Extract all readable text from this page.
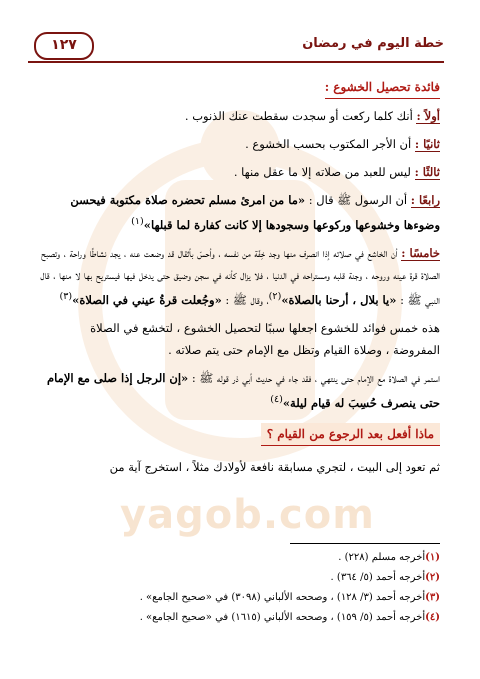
yagob.com
خطة اليوم في رمضان
١٢٧

فائدة تحصيل الخشوع :

أولاً : أنك كلما ركعت أو سجدت سقطت عنك الذنوب .

ثانيًا : أن الأجر المكتوب بحسب الخشوع .

ثالثًا : ليس للعبد من صلاته إلا ما عقل منها .

رابعًا : أن الرسول ﷺ قال : «ما من امرئ مسلم تحضره صلاة مكتوبة فيحسن وضوءها وخشوعها وركوعها وسجودها إلا كانت كفارة لما قبلها»$^{(١)}$

خامسًا : أن الخاشع في صلاته إذا انصرف منها وجد خِفّة من نفسه ، وأحسّ بأثقال قد وضعت عنه ، يجد نشاطًا وراحة ، وتصبح الصلاة قرة عينه وروحه ، وجنة قلبه ومستراحه في الدنيا ، فلا يزال كأنه في سجن وضيق حتى يدخل فيها فيستريح بها لا منها ، قال النبي ﷺ : «يا بلال ، أرحنا بالصلاة»$^{(٢)}$، وقال ﷺ : «وجُعلت قرةُ عيني في الصلاة»$^{(٣)}$

هذه خمس فوائد للخشوع اجعلها سببًا لتحصيل الخشوع ، لتخشع في الصلاة المفروضة ، وصلاة القيام وتظل مع الإمام حتى يتم صلاته .

استمر في الصلاة مع الإمام حتى ينتهي ، فقد جاء في حديث أبي ذر قوله ﷺ : «إن الرجل إذا صلى مع الإمام حتى ينصرف حُسِبَ له قيام ليلة»$^{(٤)}$

ماذا أفعل بعد الرجوع من القيام ؟

ثم تعود إلى البيت ، لتجري مسابقة نافعة لأولادك مثلاً ، استخرج آية من

(١)أخرجه مسلم (٢٢٨) .
(٢)أخرجه أحمد (٥/ ٣٦٤) .
(٣)أخرجه أحمد (٣/ ١٢٨) ، وصححه الألباني (٣٠٩٨) في «صحيح الجامع» .
(٤)أخرجه أحمد (٥/ ١٥٩) ، وصححه الألباني (١٦١٥) في «صحيح الجامع» .
